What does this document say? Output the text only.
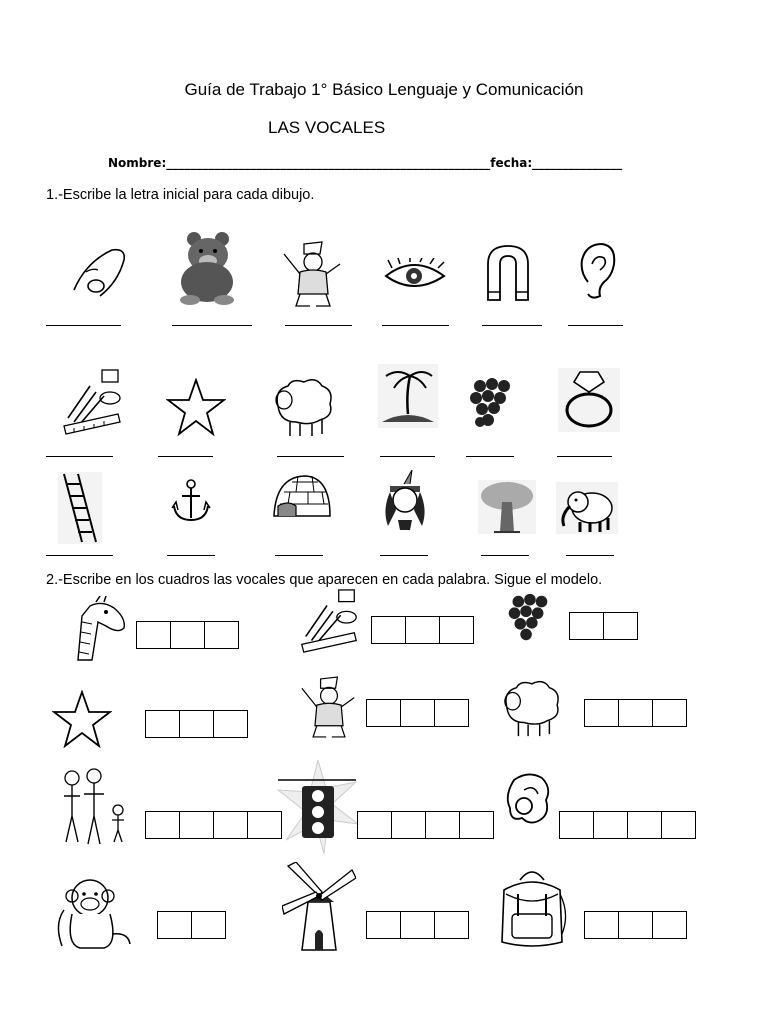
Guía de Trabajo 1° Básico Lenguaje y Comunicación
LAS VOCALES
Nombre:______________________________________________________fecha:_______________
1.-Escribe la letra inicial para cada dibujo.
2.-Escribe en los cuadros las vocales que aparecen en cada palabra. Sigue el modelo.
